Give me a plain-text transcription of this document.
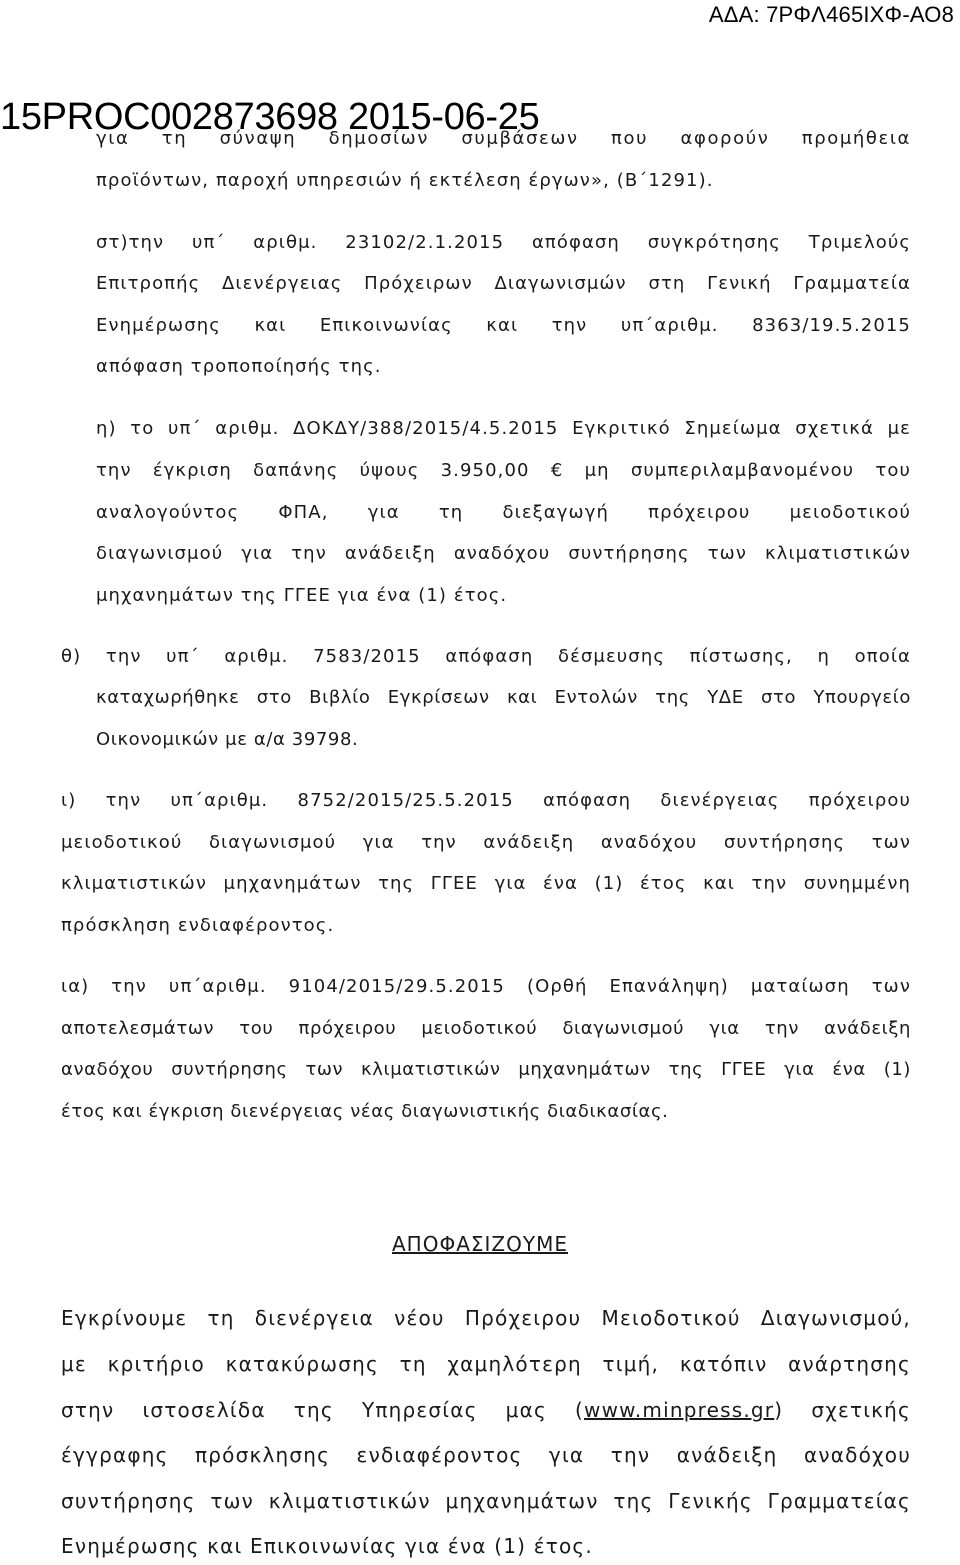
ΑΔΑ: 7ΡΦΛ465ΙΧΦ-ΑΟ8
15PROC002873698 2015-06-25
για τη σύναψη δημοσίων συμβάσεων που αφορούν προμήθεια
προϊόντων, παροχή υπηρεσιών ή εκτέλεση έργων», (Β΄1291).
στ)την υπ΄ αριθμ. 23102/2.1.2015 απόφαση συγκρότησης Τριμελούς
Επιτροπής Διενέργειας Πρόχειρων Διαγωνισμών στη Γενική Γραμματεία
Ενημέρωσης και Επικοινωνίας και την υπ΄αριθμ. 8363/19.5.2015
απόφαση τροποποίησής της.
η) το υπ΄ αριθμ. ΔΟΚΔΥ/388/2015/4.5.2015 Εγκριτικό Σημείωμα σχετικά με
την έγκριση δαπάνης ύψους 3.950,00 € μη συμπεριλαμβανομένου του
αναλογούντος ΦΠΑ, για τη διεξαγωγή πρόχειρου μειοδοτικού
διαγωνισμού για την ανάδειξη αναδόχου συντήρησης των κλιματιστικών
μηχανημάτων της ΓΓΕΕ για ένα (1) έτος.
θ) την υπ΄ αριθμ. 7583/2015 απόφαση δέσμευσης πίστωσης, η οποία
καταχωρήθηκε στο Βιβλίο Εγκρίσεων και Εντολών της ΥΔΕ στο Υπουργείο
Οικονομικών με α/α 39798.
ι) την υπ΄αριθμ. 8752/2015/25.5.2015 απόφαση διενέργειας πρόχειρου
μειοδοτικού διαγωνισμού για την ανάδειξη αναδόχου συντήρησης των
κλιματιστικών μηχανημάτων της ΓΓΕΕ για ένα (1) έτος και την συνημμένη
πρόσκληση ενδιαφέροντος.
ια) την υπ΄αριθμ. 9104/2015/29.5.2015 (Ορθή Επανάληψη) ματαίωση των
αποτελεσμάτων του πρόχειρου μειοδοτικού διαγωνισμού για την ανάδειξη
αναδόχου συντήρησης των κλιματιστικών μηχανημάτων της ΓΓΕΕ για ένα (1)
έτος και έγκριση διενέργειας νέας διαγωνιστικής διαδικασίας.
ΑΠΟΦΑΣΙΖΟΥΜΕ
Εγκρίνουμε τη διενέργεια νέου Πρόχειρου Μειοδοτικού Διαγωνισμού,
με κριτήριο κατακύρωσης τη χαμηλότερη τιμή, κατόπιν ανάρτησης
στην ιστοσελίδα της Υπηρεσίας μας (www.minpress.gr) σχετικής
έγγραφης πρόσκλησης ενδιαφέροντος για την ανάδειξη αναδόχου
συντήρησης των κλιματιστικών μηχανημάτων της Γενικής Γραμματείας
Ενημέρωσης και Επικοινωνίας για ένα (1) έτος.
